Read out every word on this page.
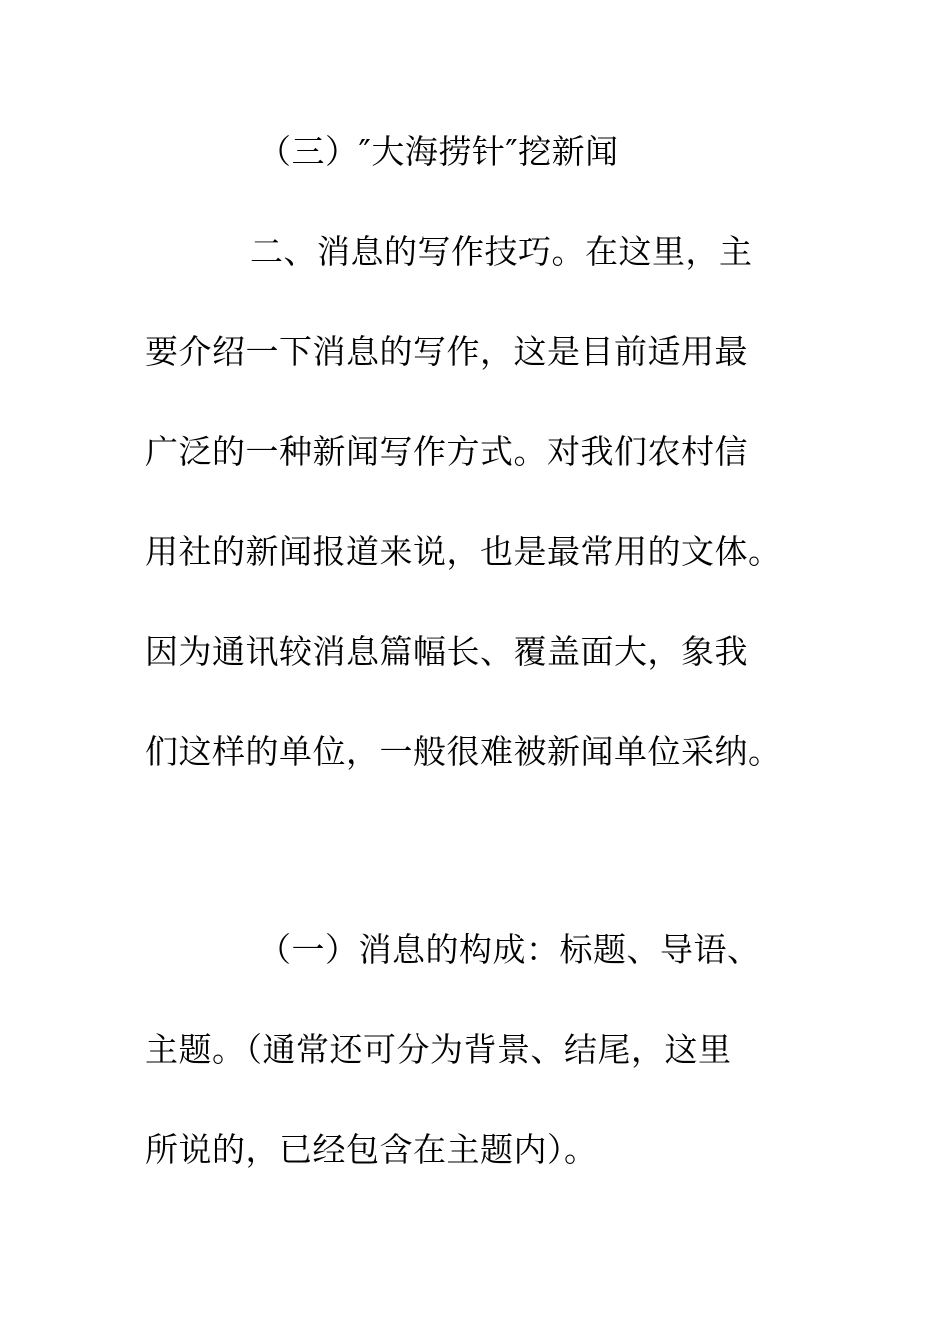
（三）″大海捞针″挖新闻
二、消息的写作技巧。在这里，主
要介绍一下消息的写作，这是目前适用最
广泛的一种新闻写作方式。对我们农村信
用社的新闻报道来说，也是最常用的文体。
因为通讯较消息篇幅长、覆盖面大，象我
们这样的单位，一般很难被新闻单位采纳。
（一）消息的构成：标题、导语、
主题。（通常还可分为背景、结尾，这里
所说的，已经包含在主题内）。
